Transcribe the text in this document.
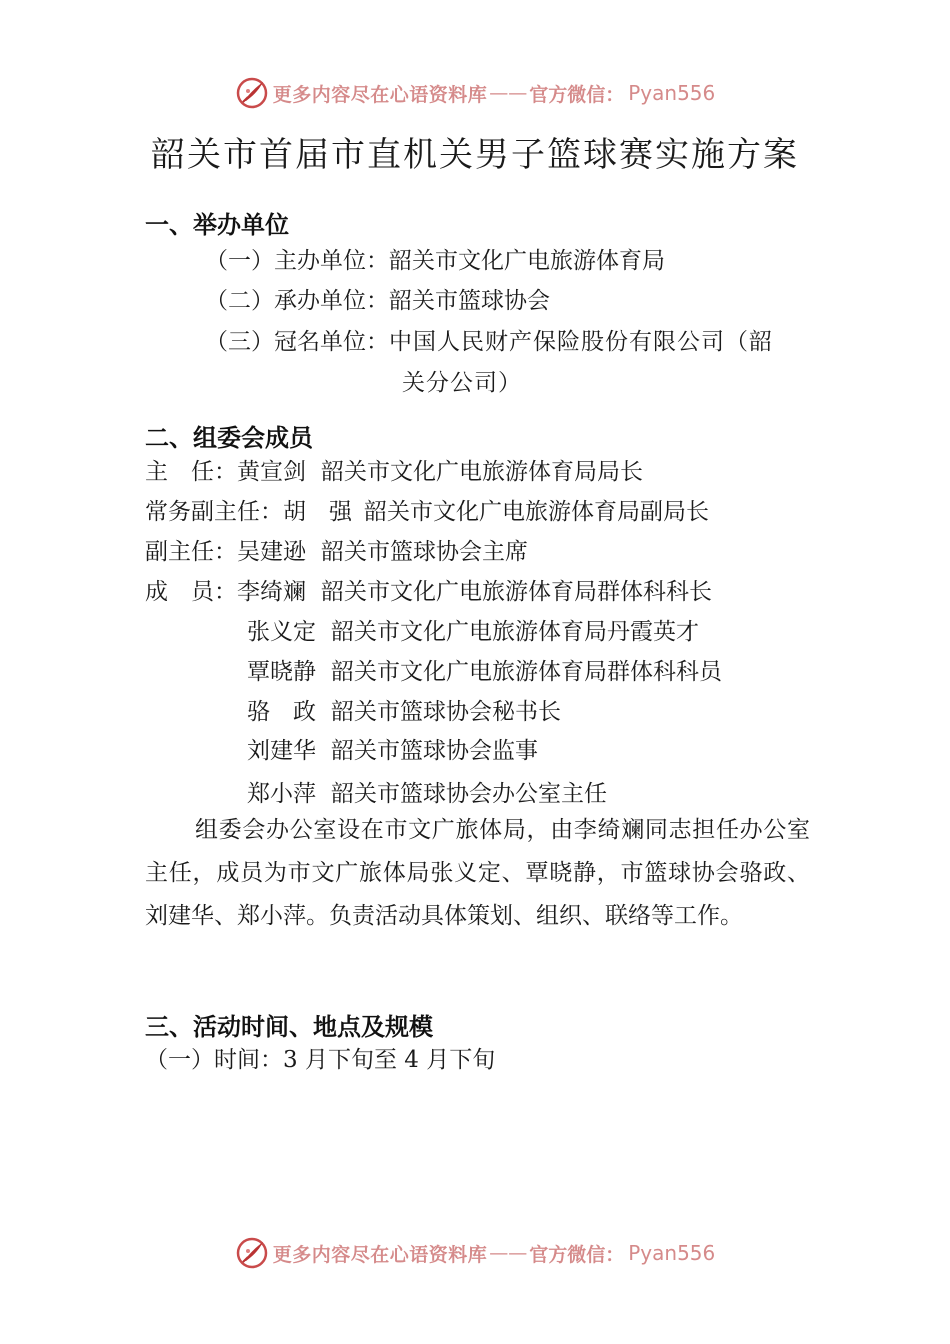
更多内容尽在心语资料库 —— 官方微信： Pyan556
韶关市首届市直机关男子篮球赛实施方案
一、举办单位
（一）主办单位：韶关市文化广电旅游体育局
（二）承办单位：韶关市篮球协会
（三）冠名单位：中国人民财产保险股份有限公司（韶
关分公司）
二、组委会成员
主　任：黄宣剑 韶关市文化广电旅游体育局局长
常务副主任：胡　强 韶关市文化广电旅游体育局副局长
副主任：吴建逊 韶关市篮球协会主席
成　员：李绮斓 韶关市文化广电旅游体育局群体科科长
张义定 韶关市文化广电旅游体育局丹霞英才
覃晓静 韶关市文化广电旅游体育局群体科科员
骆　政 韶关市篮球协会秘书长
刘建华 韶关市篮球协会监事
郑小萍 韶关市篮球协会办公室主任
组委会办公室设在市文广旅体局，由李绮斓同志担任办公室主任，成员为市文广旅体局张义定、覃晓静，市篮球协会骆政、刘建华、郑小萍。负责活动具体策划、组织、联络等工作。
三、活动时间、地点及规模
（一）时间：3 月下旬至 4 月下旬
更多内容尽在心语资料库 —— 官方微信： Pyan556
